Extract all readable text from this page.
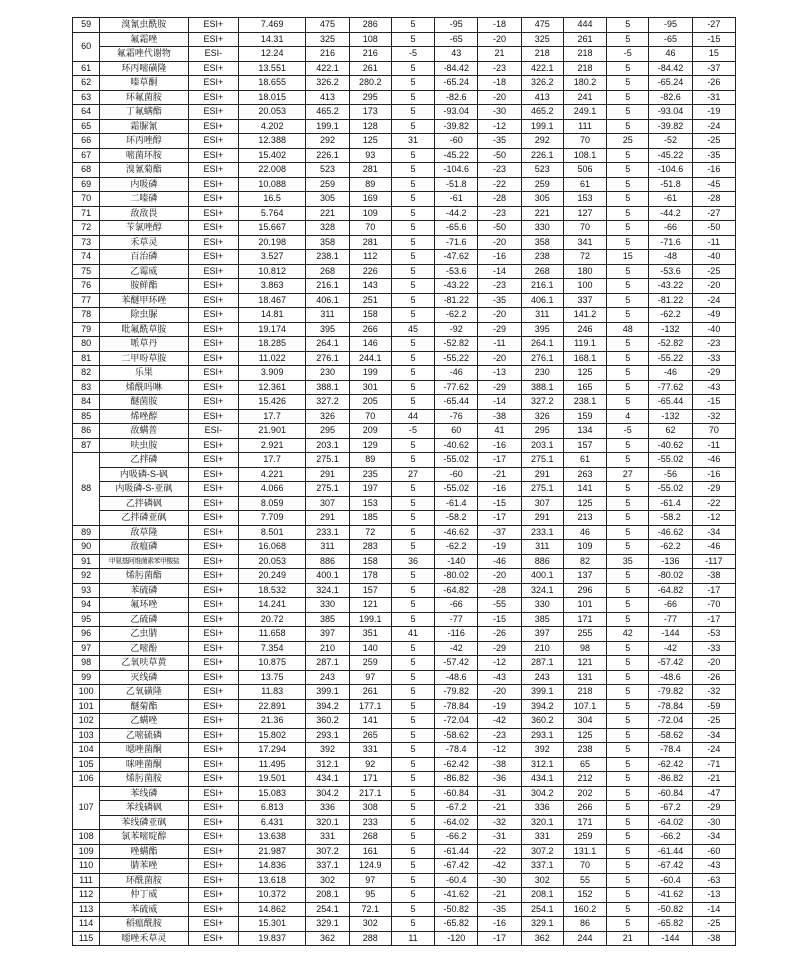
59	溴氰虫酰胺	ESI+	7.469	475	286	5	-95	-18	475	444	5	-95	-27
60	氟霜唑	ESI+	14.31	325	108	5	-65	-20	325	261	5	-65	-15
	氟霜唑代谢物	ESI-	12.24	216	216	-5	43	21	218	218	-5	46	15
61	环丙嘧磺隆	ESI+	13.551	422.1	261	5	-84.42	-23	422.1	218	5	-84.42	-37
62	嗪草酮	ESI+	18.655	326.2	280.2	5	-65.24	-18	326.2	180.2	5	-65.24	-26
63	环氟菌胺	ESI+	18.015	413	295	5	-82.6	-20	413	241	5	-82.6	-31
64	丁氟螨酯	ESI+	20.053	465.2	173	5	-93.04	-30	465.2	249.1	5	-93.04	-19
65	霜脲氰	ESI+	4.202	199.1	128	5	-39.82	-12	199.1	111	5	-39.82	-24
66	环丙唑醇	ESI+	12.388	292	125	31	-60	-35	292	70	25	-52	-25
67	嘧菌环胺	ESI+	15.402	226.1	93	5	-45.22	-50	226.1	108.1	5	-45.22	-35
68	溴氰菊酯	ESI+	22.008	523	281	5	-104.6	-23	523	506	5	-104.6	-16
69	内吸磷	ESI+	10.088	259	89	5	-51.8	-22	259	61	5	-51.8	-45
70	二嗪磷	ESI+	16.5	305	169	5	-61	-28	305	153	5	-61	-28
71	敌敌畏	ESI+	5.764	221	109	5	-44.2	-23	221	127	5	-44.2	-27
72	苄氯唑醇	ESI+	15.667	328	70	5	-65.6	-50	330	70	5	-66	-50
73	禾草灵	ESI+	20.198	358	281	5	-71.6	-20	358	341	5	-71.6	-11
74	百治磷	ESI+	3.527	238.1	112	5	-47.62	-16	238	72	15	-48	-40
75	乙霉威	ESI+	10.812	268	226	5	-53.6	-14	268	180	5	-53.6	-25
76	胺鲜酯	ESI+	3.863	216.1	143	5	-43.22	-23	216.1	100	5	-43.22	-20
77	苯醚甲环唑	ESI+	18.467	406.1	251	5	-81.22	-35	406.1	337	5	-81.22	-24
78	除虫脲	ESI+	14.81	311	158	5	-62.2	-20	311	141.2	5	-62.2	-49
79	吡氟酰草胺	ESI+	19.174	395	266	45	-92	-29	395	246	48	-132	-40
80	哌草丹	ESI+	18.285	264.1	146	5	-52.82	-11	264.1	119.1	5	-52.82	-23
81	二甲吩草胺	ESI+	11.022	276.1	244.1	5	-55.22	-20	276.1	168.1	5	-55.22	-33
82	乐果	ESI+	3.909	230	199	5	-46	-13	230	125	5	-46	-29
83	烯酰吗啉	ESI+	12.361	388.1	301	5	-77.62	-29	388.1	165	5	-77.62	-43
84	醚菌胺	ESI+	15.426	327.2	205	5	-65.44	-14	327.2	238.1	5	-65.44	-15
85	烯唑醇	ESI+	17.7	326	70	44	-76	-38	326	159	4	-132	-32
86	敌螨普	ESI-	21.901	295	209	-5	60	41	295	134	-5	62	70
87	呋虫胺	ESI+	2.921	203.1	129	5	-40.62	-16	203.1	157	5	-40.62	-11
88	乙拌磷	ESI+	17.7	275.1	89	5	-55.02	-17	275.1	61	5	-55.02	-46
	内吸磷-S-砜	ESI+	4.221	291	235	27	-60	-21	291	263	27	-56	-16
	内吸磷-S-亚砜	ESI+	4.066	275.1	197	5	-55.02	-16	275.1	141	5	-55.02	-29
	乙拌磷砜	ESI+	8.059	307	153	5	-61.4	-15	307	125	5	-61.4	-22
	乙拌磷亚砜	ESI+	7.709	291	185	5	-58.2	-17	291	213	5	-58.2	-12
89	敌草隆	ESI+	8.501	233.1	72	5	-46.62	-37	233.1	46	5	-46.62	-34
90	敌瘟磷	ESI+	16.068	311	283	5	-62.2	-19	311	109	5	-62.2	-46
91	甲氨基阿维菌素苯甲酸盐	ESI+	20.053	886	158	36	-140	-46	886	82	35	-136	-117
92	烯肟菌酯	ESI+	20.249	400.1	178	5	-80.02	-20	400.1	137	5	-80.02	-38
93	苯硫磷	ESI+	18.532	324.1	157	5	-64.82	-28	324.1	296	5	-64.82	-17
94	氟环唑	ESI+	14.241	330	121	5	-66	-55	330	101	5	-66	-70
95	乙硫磷	ESI+	20.72	385	199.1	5	-77	-15	385	171	5	-77	-17
96	乙虫腈	ESI+	11.658	397	351	41	-116	-26	397	255	42	-144	-53
97	乙嘧酚	ESI+	7.354	210	140	5	-42	-29	210	98	5	-42	-33
98	乙氧呋草黄	ESI+	10.875	287.1	259	5	-57.42	-12	287.1	121	5	-57.42	-20
99	灭线磷	ESI+	13.75	243	97	5	-48.6	-43	243	131	5	-48.6	-26
100	乙氧磺隆	ESI+	11.83	399.1	261	5	-79.82	-20	399.1	218	5	-79.82	-32
101	醚菊酯	ESI+	22.891	394.2	177.1	5	-78.84	-19	394.2	107.1	5	-78.84	-59
102	乙螨唑	ESI+	21.36	360.2	141	5	-72.04	-42	360.2	304	5	-72.04	-25
103	乙嘧硫磷	ESI+	15.802	293.1	265	5	-58.62	-23	293.1	125	5	-58.62	-34
104	噁唑菌酮	ESI+	17.294	392	331	5	-78.4	-12	392	238	5	-78.4	-24
105	咪唑菌酮	ESI+	11.495	312.1	92	5	-62.42	-38	312.1	65	5	-62.42	-71
106	烯肟菌胺	ESI+	19.501	434.1	171	5	-86.82	-36	434.1	212	5	-86.82	-21
107	苯线磷	ESI+	15.083	304.2	217.1	5	-60.84	-31	304.2	202	5	-60.84	-47
	苯线磷砜	ESI+	6.813	336	308	5	-67.2	-21	336	266	5	-67.2	-29
	苯线磷亚砜	ESI+	6.431	320.1	233	5	-64.02	-32	320.1	171	5	-64.02	-30
108	氯苯嘧啶醇	ESI+	13.638	331	268	5	-66.2	-31	331	259	5	-66.2	-34
109	唑螨酯	ESI+	21.987	307.2	161	5	-61.44	-22	307.2	131.1	5	-61.44	-60
110	腈苯唑	ESI+	14.836	337.1	124.9	5	-67.42	-42	337.1	70	5	-67.42	-43
111	环酰菌胺	ESI+	13.618	302	97	5	-60.4	-30	302	55	5	-60.4	-63
112	仲丁威	ESI+	10.372	208.1	95	5	-41.62	-21	208.1	152	5	-41.62	-13
113	苯硫威	ESI+	14.862	254.1	72.1	5	-50.82	-35	254.1	160.2	5	-50.82	-14
114	稻瘟酰胺	ESI+	15.301	329.1	302	5	-65.82	-16	329.1	86	5	-65.82	-25
115	噁唑禾草灵	ESI+	19.837	362	288	11	-120	-17	362	244	21	-144	-38
